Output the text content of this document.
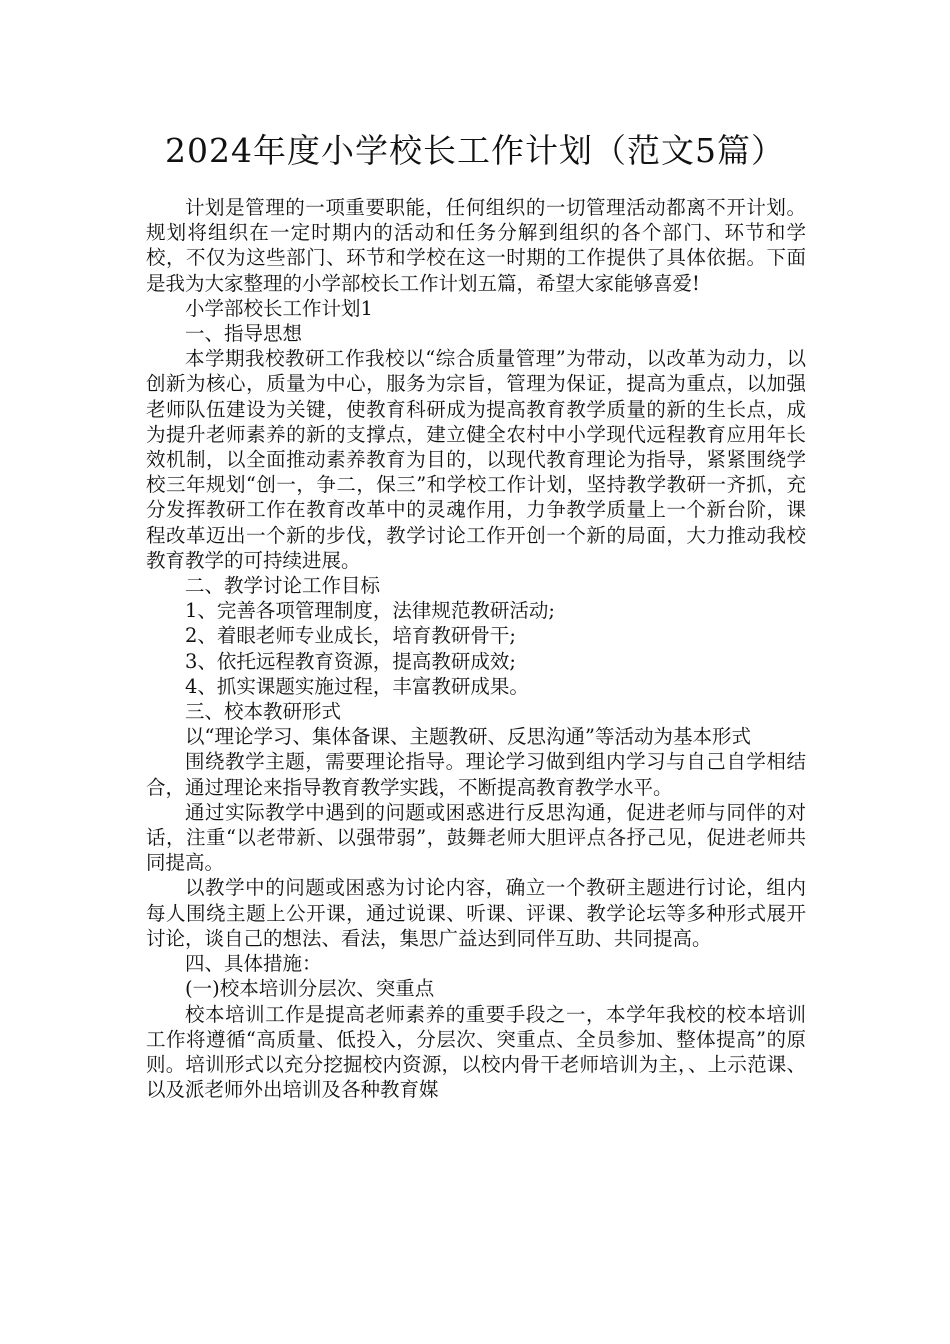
2024年度小学校长工作计划（范文5篇）

计划是管理的一项重要职能，任何组织的一切管理活动都离不开计划。规划将组织在一定时期内的活动和任务分解到组织的各个部门、环节和学校，不仅为这些部门、环节和学校在这一时期的工作提供了具体依据。下面是我为大家整理的小学部校长工作计划五篇，希望大家能够喜爱!

小学部校长工作计划1

一、指导思想

本学期我校教研工作我校以“综合质量管理”为带动，以改革为动力，以创新为核心，质量为中心，服务为宗旨，管理为保证，提高为重点，以加强老师队伍建设为关键，使教育科研成为提高教育教学质量的新的生长点，成为提升老师素养的新的支撑点，建立健全农村中小学现代远程教育应用年长效机制，以全面推动素养教育为目的，以现代教育理论为指导，紧紧围绕学校三年规划“创一，争二，保三”和学校工作计划，坚持教学教研一齐抓，充分发挥教研工作在教育改革中的灵魂作用，力争教学质量上一个新台阶，课程改革迈出一个新的步伐，教学讨论工作开创一个新的局面，大力推动我校教育教学的可持续进展。

二、教学讨论工作目标

1、完善各项管理制度，法律规范教研活动;

2、着眼老师专业成长，培育教研骨干;

3、依托远程教育资源，提高教研成效;

4、抓实课题实施过程，丰富教研成果。

三、校本教研形式

以“理论学习、集体备课、主题教研、反思沟通”等活动为基本形式

围绕教学主题，需要理论指导。理论学习做到组内学习与自己自学相结合，通过理论来指导教育教学实践，不断提高教育教学水平。

通过实际教学中遇到的问题或困惑进行反思沟通，促进老师与同伴的对话，注重“以老带新、以强带弱”，鼓舞老师大胆评点各抒己见，促进老师共同提高。

以教学中的问题或困惑为讨论内容，确立一个教研主题进行讨论，组内每人围绕主题上公开课，通过说课、听课、评课、教学论坛等多种形式展开讨论，谈自己的想法、看法，集思广益达到同伴互助、共同提高。

四、具体措施：

(一)校本培训分层次、突重点

校本培训工作是提高老师素养的重要手段之一，本学年我校的校本培训工作将遵循“高质量、低投入，分层次、突重点、全员参加、整体提高”的原则。培训形式以充分挖掘校内资源，以校内骨干老师培训为主，、上示范课、以及派老师外出培训及各种教育媒
